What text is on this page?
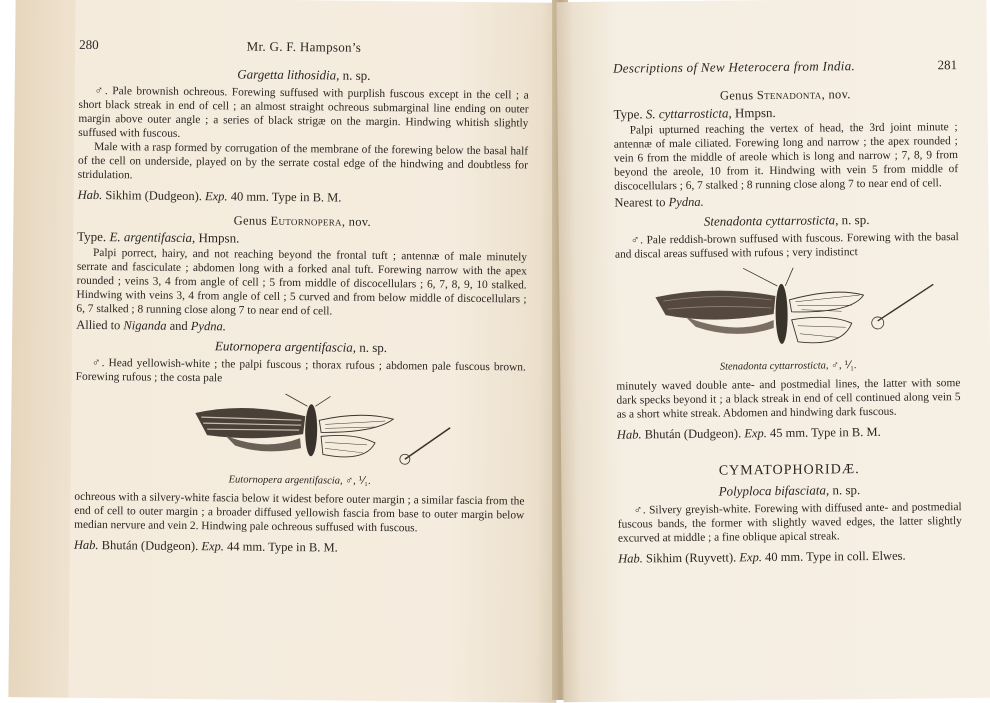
280	Mr. G. F. Hampson’s
Gargetta lithosidia, n. sp.

♂. Pale brownish ochreous. Forewing suffused with purplish fuscous except in the cell ; a short black streak in end of cell ; an almost straight ochreous submarginal line ending on outer margin above outer angle ; a series of black strigæ on the margin. Hindwing whitish slightly suffused with fuscous.

Male with a rasp formed by corrugation of the membrane of the forewing below the basal half of the cell on underside, played on by the serrate costal edge of the hindwing and doubtless for stridulation.

Hab. Sikhim (Dudgeon). Exp. 40 mm. Type in B. M.
Genus Eutornopera, nov.
Type. E. argentifascia, Hmpsn.

Palpi porrect, hairy, and not reaching beyond the frontal tuft ; antennæ of male minutely serrate and fasciculate ; abdomen long with a forked anal tuft. Forewing narrow with the apex rounded ; veins 3, 4 from angle of cell ; 5 from middle of discocellulars ; 6, 7, 8, 9, 10 stalked. Hindwing with veins 3, 4 from angle of cell ; 5 curved and from below middle of discocellulars ; 6, 7 stalked ; 8 running close along 7 to near end of cell.

Allied to Niganda and Pydna.
Eutornopera argentifascia, n. sp.

♂. Head yellowish-white ; the palpi fuscous ; thorax rufous ; abdomen pale fuscous brown. Forewing rufous ; the costa pale

Eutornopera argentifascia, ♂, ⅟₁.

ochreous with a silvery-white fascia below it widest before outer margin ; a similar fascia from the end of cell to outer margin ; a broader diffused yellowish fascia from base to outer margin below median nervure and vein 2. Hindwing pale ochreous suffused with fuscous.

Hab. Bhután (Dudgeon). Exp. 44 mm. Type in B. M.
Descriptions of New Heterocera from India.	281
Genus Stenadonta, nov.
Type. S. cyttarrosticta, Hmpsn.

Palpi upturned reaching the vertex of head, the 3rd joint minute ; antennæ of male ciliated. Forewing long and narrow ; the apex rounded ; vein 6 from the middle of areole which is long and narrow ; 7, 8, 9 from beyond the areole, 10 from it. Hindwing with vein 5 from middle of discocellulars ; 6, 7 stalked ; 8 running close along 7 to near end of cell.

Nearest to Pydna.
Stenadonta cyttarrosticta, n. sp.

♂. Pale reddish-brown suffused with fuscous. Forewing with the basal and discal areas suffused with rufous ; very indistinct

Stenadonta cyttarrosticta, ♂, ⅟₁.

minutely waved double ante- and postmedial lines, the latter with some dark specks beyond it ; a black streak in end of cell continued along vein 5 as a short white streak. Abdomen and hindwing dark fuscous.

Hab. Bhután (Dudgeon). Exp. 45 mm. Type in B. M.
CYMATOPHORIDÆ.
Polyploca bifasciata, n. sp.

♂. Silvery greyish-white. Forewing with diffused ante- and postmedial fuscous bands, the former with slightly waved edges, the latter slightly excurved at middle ; a fine oblique apical streak.

Hab. Sikhim (Ruyvett). Exp. 40 mm. Type in coll. Elwes.
